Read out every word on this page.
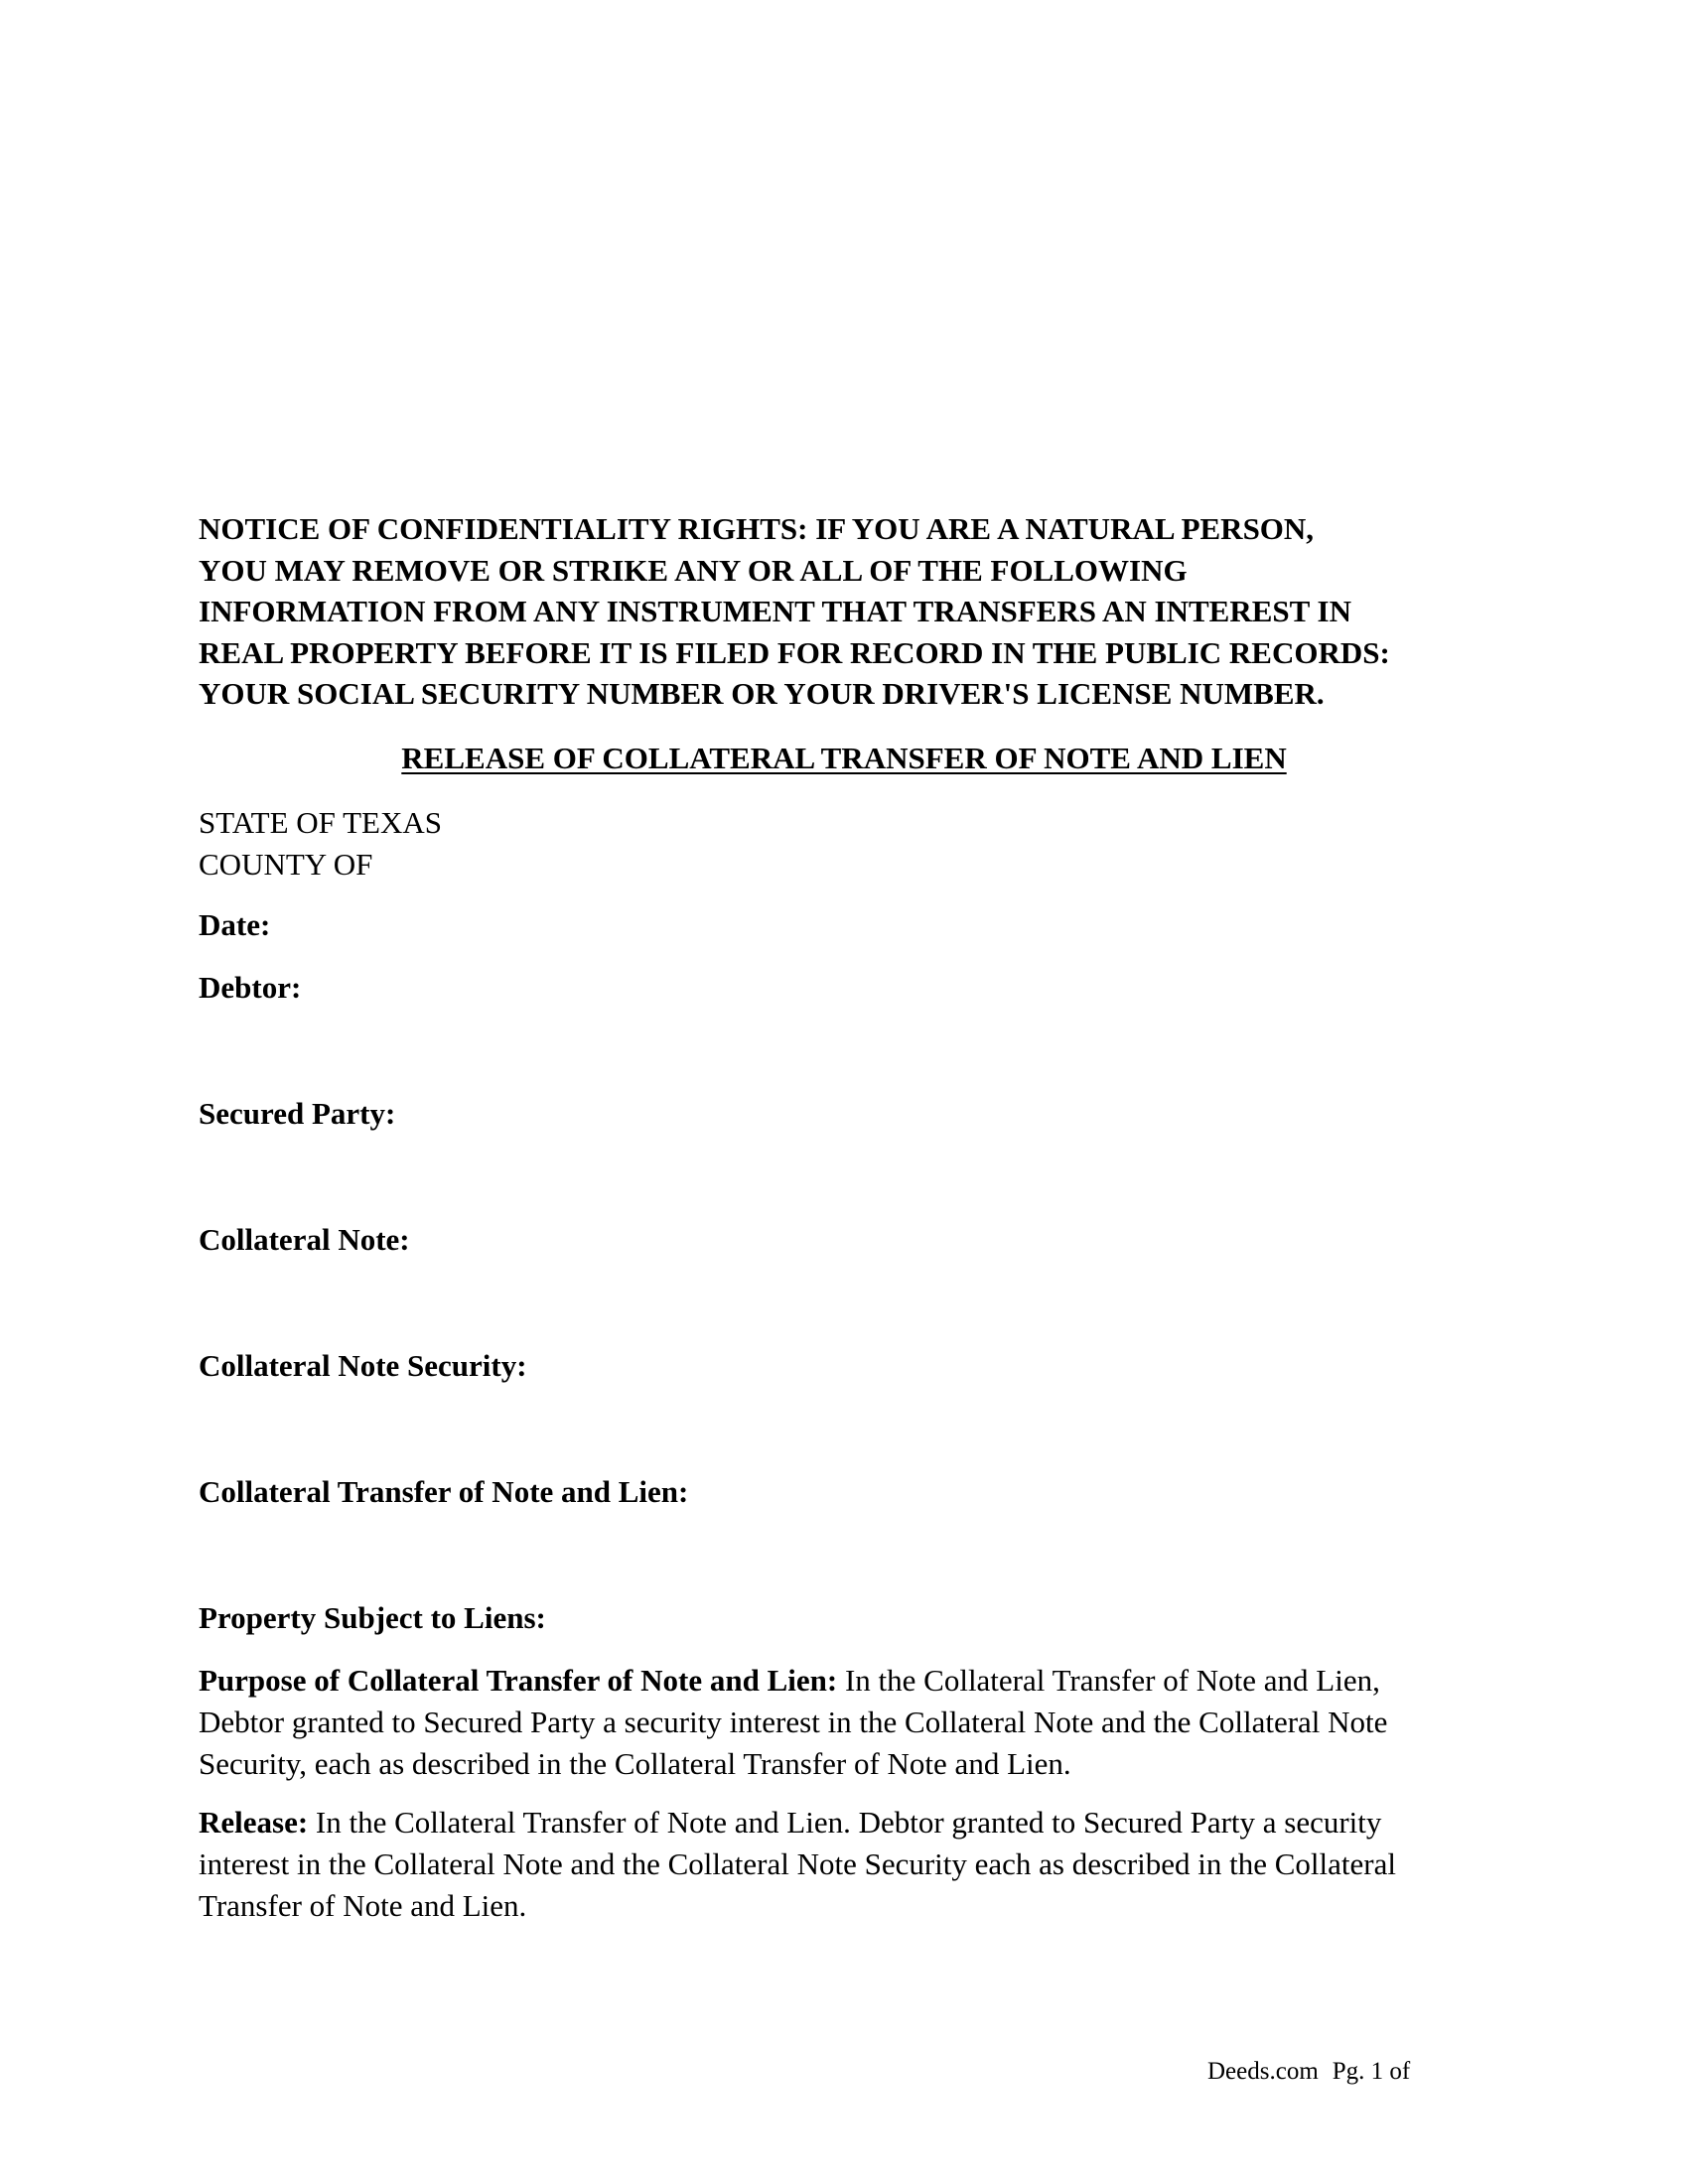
NOTICE OF CONFIDENTIALITY RIGHTS: IF YOU ARE A NATURAL PERSON,
YOU MAY REMOVE OR STRIKE ANY OR ALL OF THE FOLLOWING
INFORMATION FROM ANY INSTRUMENT THAT TRANSFERS AN INTEREST IN
REAL PROPERTY BEFORE IT IS FILED FOR RECORD IN THE PUBLIC RECORDS:
YOUR SOCIAL SECURITY NUMBER OR YOUR DRIVER'S LICENSE NUMBER.
RELEASE OF COLLATERAL TRANSFER OF NOTE AND LIEN
STATE OF TEXAS
COUNTY OF
Date:
Debtor:
Secured Party:
Collateral Note:
Collateral Note Security:
Collateral Transfer of Note and Lien:
Property Subject to Liens:
Purpose of Collateral Transfer of Note and Lien: In the Collateral Transfer of Note and Lien,
Debtor granted to Secured Party a security interest in the Collateral Note and the Collateral Note
Security, each as described in the Collateral Transfer of Note and Lien.
Release: In the Collateral Transfer of Note and Lien. Debtor granted to Secured Party a security
interest in the Collateral Note and the Collateral Note Security each as described in the Collateral
Transfer of Note and Lien.
Deeds.com Pg. 1 of
